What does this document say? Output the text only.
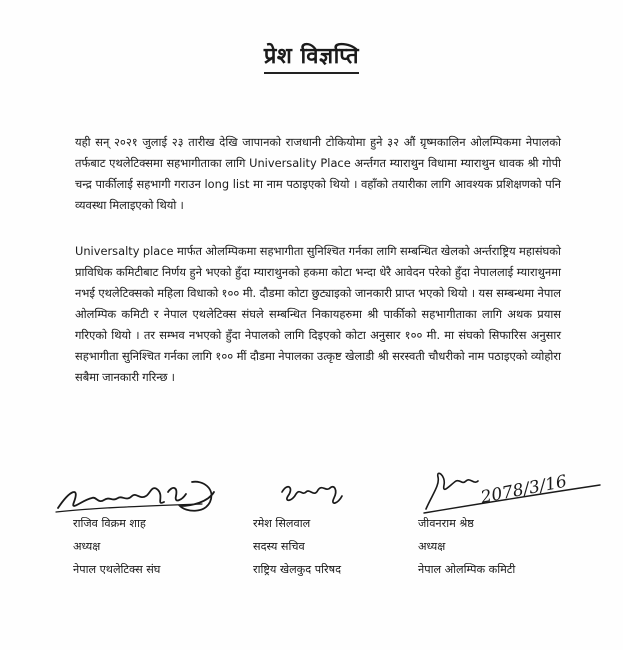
प्रेश विज्ञप्ति
यही सन् २०२१ जुलाई २३ तारीख देखि जापानको राजधानी टोकियोमा हुने ३२ औं ग्रृष्मकालिन ओलम्पिकमा नेपालको तर्फबाट एथलेटिक्समा सहभागीताका लागि Universality Place अर्न्तगत म्याराथुन विधामा म्याराथुन धावक श्री गोपी चन्द्र पार्कीलाई सहभागी गराउन long list मा नाम पठाइएको थियो । वहाँको तयारीका लागि आवश्यक प्रशिक्षणको पनि व्यवस्था मिलाइएको थियो ।
Universalty place मार्फत ओलम्पिकमा सहभागीता सुनिश्चित गर्नका लागि सम्बन्धित खेलको अर्न्तराष्ट्रिय महासंघको प्राविधिक कमिटीबाट निर्णय हुने भएको हुँदा म्याराथुनको हकमा कोटा भन्दा धेरै आवेदन परेको हुँदा नेपाललाई म्याराथुनमा नभई एथलेटिक्सको महिला विधाको १०० मी. दौडमा कोटा छुट्याइको जानकारी प्राप्त भएको थियो । यस सम्बन्धमा नेपाल ओलम्पिक कमिटी र नेपाल एथलेटिक्स संघले सम्बन्धित निकायहरुमा श्री पार्कीको सहभागीताका लागि अथक प्रयास गरिएको थियो । तर सम्भव नभएको हुँदा नेपालको लागि दिइएको कोटा अनुसार १०० मी. मा संघको सिफारिस अनुसार सहभागीता सुनिश्चित गर्नका लागि १०० मीं दौडमा नेपालका उत्कृष्ट खेलाडी श्री सरस्वती चौधरीको नाम पठाइएको व्योहोरा सबैमा जानकारी गरिन्छ ।
2078/3/16
राजिव विक्रम शाह
अध्यक्ष
नेपाल एथलेटिक्स संघ
रमेश सिलवाल
सदस्य सचिव
राष्ट्रिय खेलकुद परिषद
जीवनराम श्रेष्ठ
अध्यक्ष
नेपाल ओलम्पिक कमिटी
